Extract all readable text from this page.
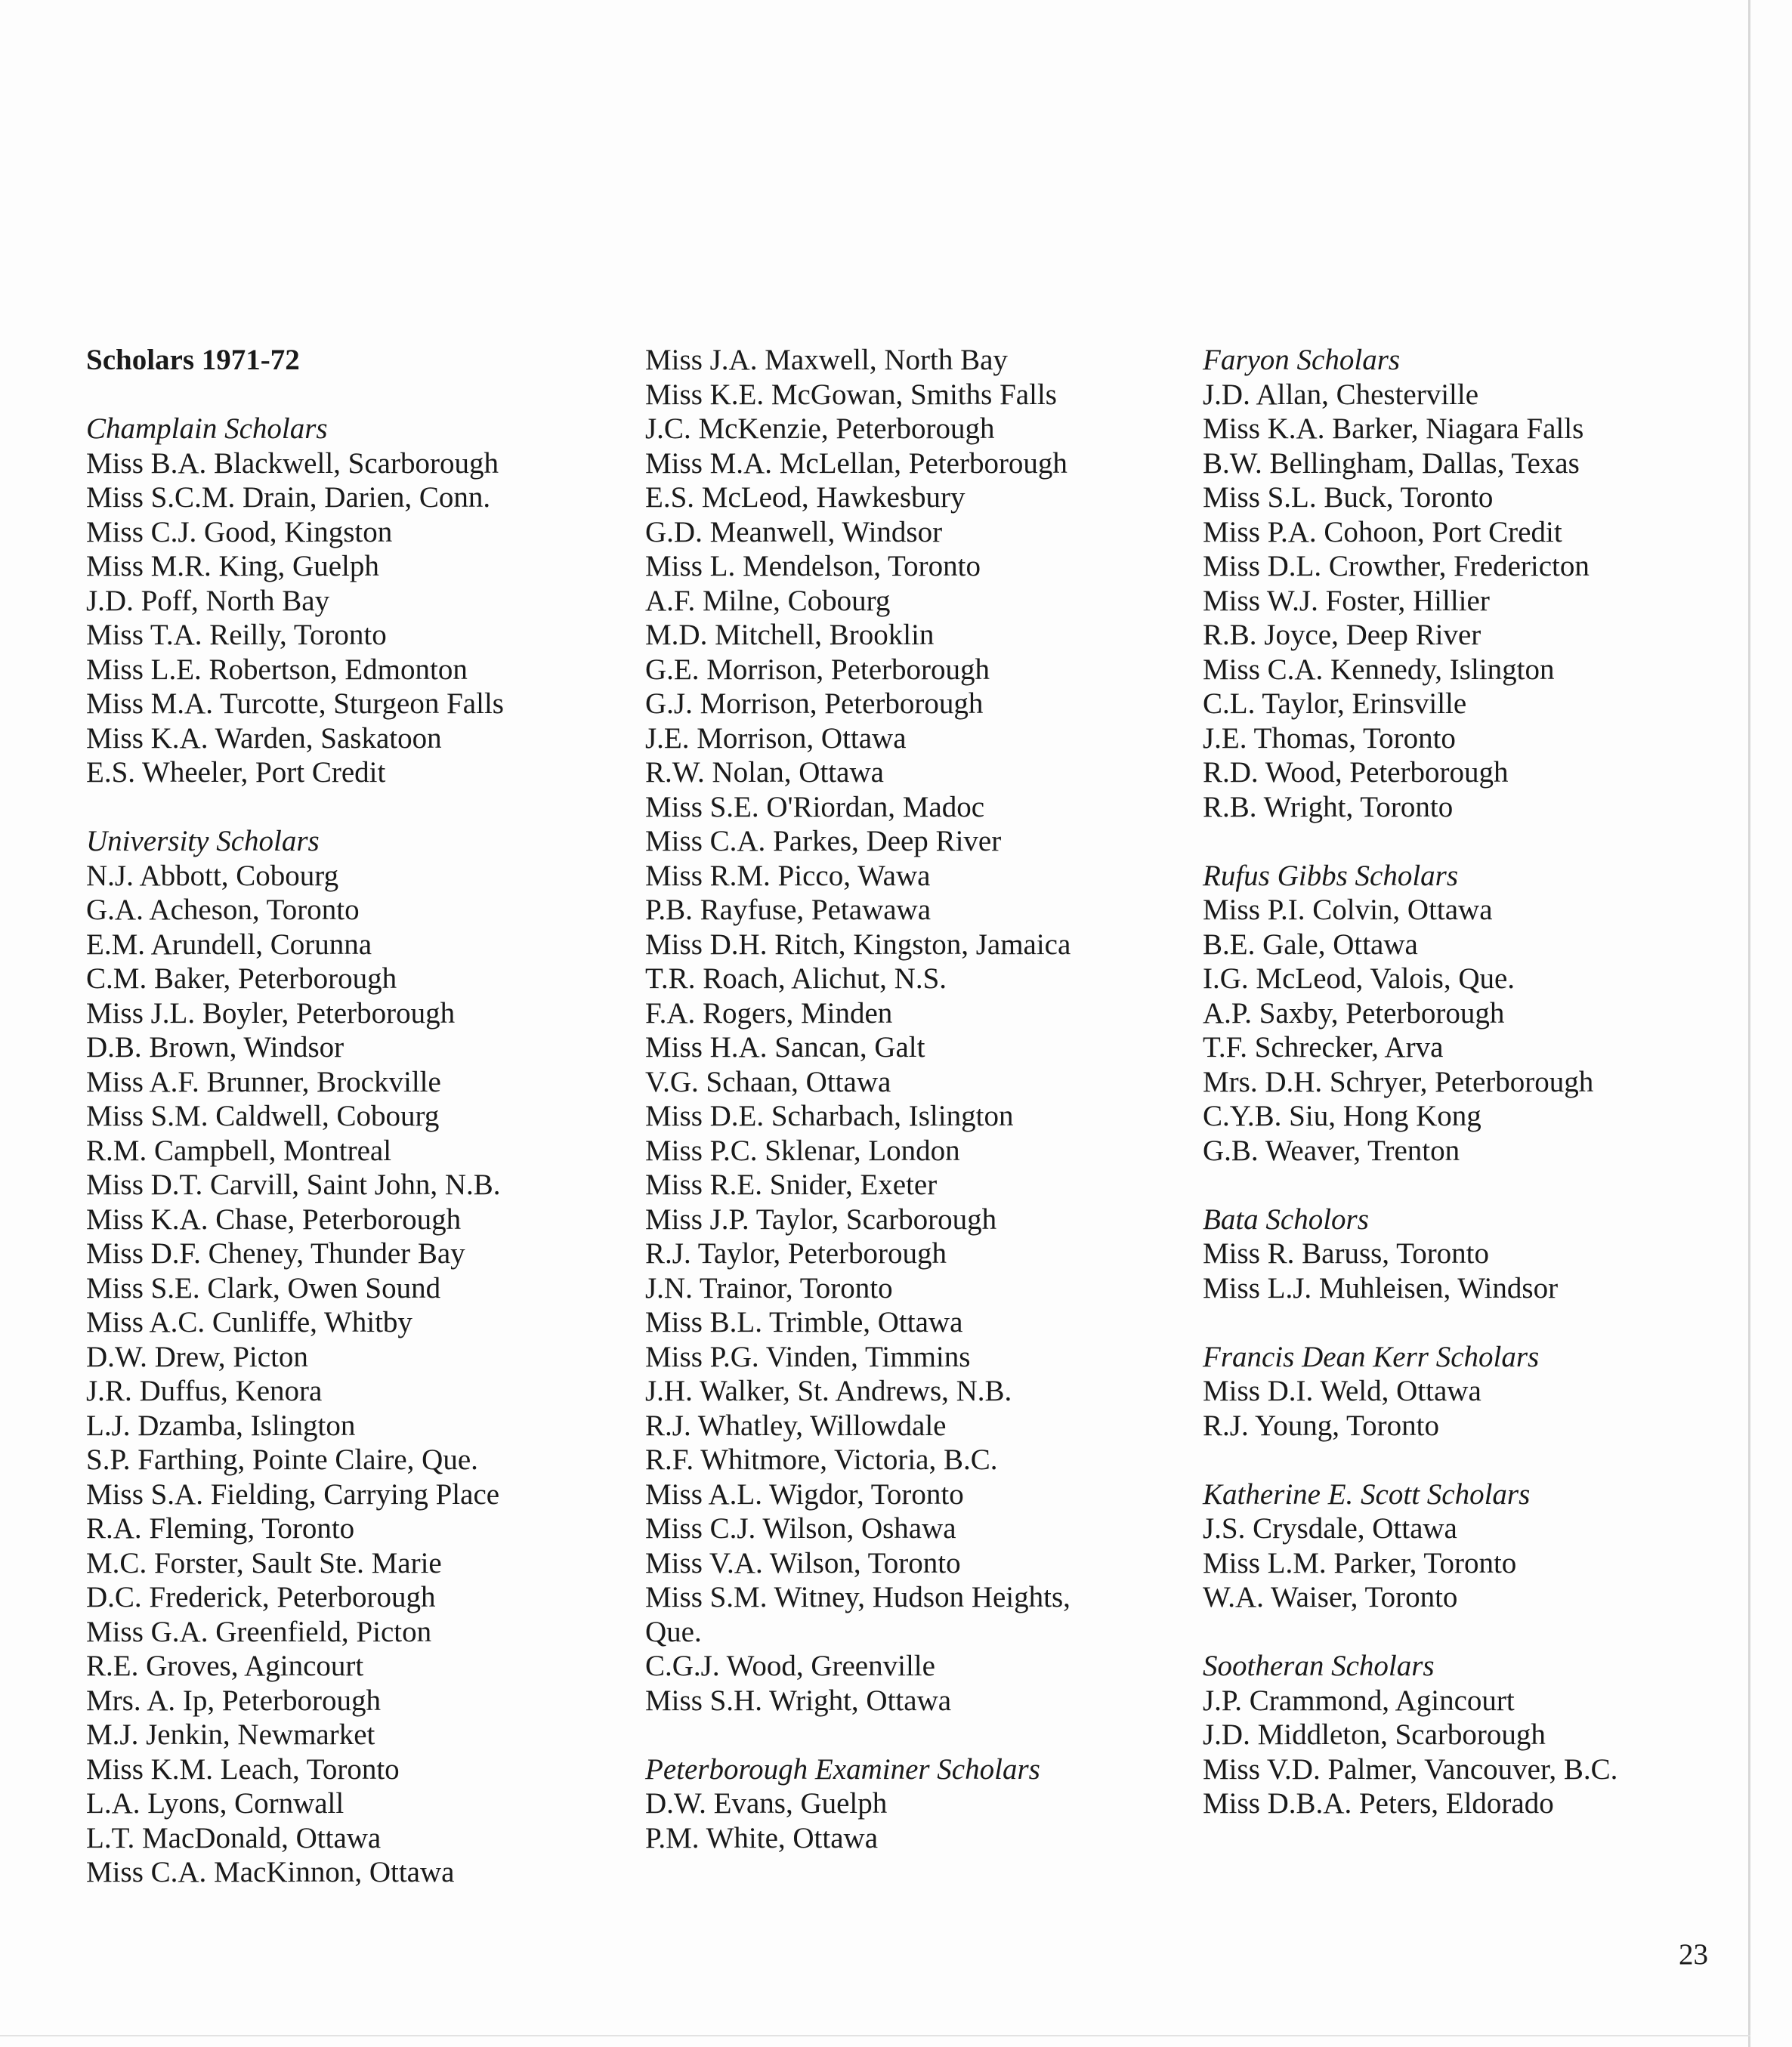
Scholars 1971-72
Champlain Scholars
Miss B.A. Blackwell, Scarborough
Miss S.C.M. Drain, Darien, Conn.
Miss C.J. Good, Kingston
Miss M.R. King, Guelph
J.D. Poff, North Bay
Miss T.A. Reilly, Toronto
Miss L.E. Robertson, Edmonton
Miss M.A. Turcotte, Sturgeon Falls
Miss K.A. Warden, Saskatoon
E.S. Wheeler, Port Credit
University Scholars
N.J. Abbott, Cobourg
G.A. Acheson, Toronto
E.M. Arundell, Corunna
C.M. Baker, Peterborough
Miss J.L. Boyler, Peterborough
D.B. Brown, Windsor
Miss A.F. Brunner, Brockville
Miss S.M. Caldwell, Cobourg
R.M. Campbell, Montreal
Miss D.T. Carvill, Saint John, N.B.
Miss K.A. Chase, Peterborough
Miss D.F. Cheney, Thunder Bay
Miss S.E. Clark, Owen Sound
Miss A.C. Cunliffe, Whitby
D.W. Drew, Picton
J.R. Duffus, Kenora
L.J. Dzamba, Islington
S.P. Farthing, Pointe Claire, Que.
Miss S.A. Fielding, Carrying Place
R.A. Fleming, Toronto
M.C. Forster, Sault Ste. Marie
D.C. Frederick, Peterborough
Miss G.A. Greenfield, Picton
R.E. Groves, Agincourt
Mrs. A. Ip, Peterborough
M.J. Jenkin, Newmarket
Miss K.M. Leach, Toronto
L.A. Lyons, Cornwall
L.T. MacDonald, Ottawa
Miss C.A. MacKinnon, Ottawa
Miss J.A. Maxwell, North Bay
Miss K.E. McGowan, Smiths Falls
J.C. McKenzie, Peterborough
Miss M.A. McLellan, Peterborough
E.S. McLeod, Hawkesbury
G.D. Meanwell, Windsor
Miss L. Mendelson, Toronto
A.F. Milne, Cobourg
M.D. Mitchell, Brooklin
G.E. Morrison, Peterborough
G.J. Morrison, Peterborough
J.E. Morrison, Ottawa
R.W. Nolan, Ottawa
Miss S.E. O'Riordan, Madoc
Miss C.A. Parkes, Deep River
Miss R.M. Picco, Wawa
P.B. Rayfuse, Petawawa
Miss D.H. Ritch, Kingston, Jamaica
T.R. Roach, Alichut, N.S.
F.A. Rogers, Minden
Miss H.A. Sancan, Galt
V.G. Schaan, Ottawa
Miss D.E. Scharbach, Islington
Miss P.C. Sklenar, London
Miss R.E. Snider, Exeter
Miss J.P. Taylor, Scarborough
R.J. Taylor, Peterborough
J.N. Trainor, Toronto
Miss B.L. Trimble, Ottawa
Miss P.G. Vinden, Timmins
J.H. Walker, St. Andrews, N.B.
R.J. Whatley, Willowdale
R.F. Whitmore, Victoria, B.C.
Miss A.L. Wigdor, Toronto
Miss C.J. Wilson, Oshawa
Miss V.A. Wilson, Toronto
Miss S.M. Witney, Hudson Heights,
Que.
C.G.J. Wood, Greenville
Miss S.H. Wright, Ottawa
Peterborough Examiner Scholars
D.W. Evans, Guelph
P.M. White, Ottawa
Faryon Scholars
J.D. Allan, Chesterville
Miss K.A. Barker, Niagara Falls
B.W. Bellingham, Dallas, Texas
Miss S.L. Buck, Toronto
Miss P.A. Cohoon, Port Credit
Miss D.L. Crowther, Fredericton
Miss W.J. Foster, Hillier
R.B. Joyce, Deep River
Miss C.A. Kennedy, Islington
C.L. Taylor, Erinsville
J.E. Thomas, Toronto
R.D. Wood, Peterborough
R.B. Wright, Toronto
Rufus Gibbs Scholars
Miss P.I. Colvin, Ottawa
B.E. Gale, Ottawa
I.G. McLeod, Valois, Que.
A.P. Saxby, Peterborough
T.F. Schrecker, Arva
Mrs. D.H. Schryer, Peterborough
C.Y.B. Siu, Hong Kong
G.B. Weaver, Trenton
Bata Scholors
Miss R. Baruss, Toronto
Miss L.J. Muhleisen, Windsor
Francis Dean Kerr Scholars
Miss D.I. Weld, Ottawa
R.J. Young, Toronto
Katherine E. Scott Scholars
J.S. Crysdale, Ottawa
Miss L.M. Parker, Toronto
W.A. Waiser, Toronto
Sootheran Scholars
J.P. Crammond, Agincourt
J.D. Middleton, Scarborough
Miss V.D. Palmer, Vancouver, B.C.
Miss D.B.A. Peters, Eldorado
23
